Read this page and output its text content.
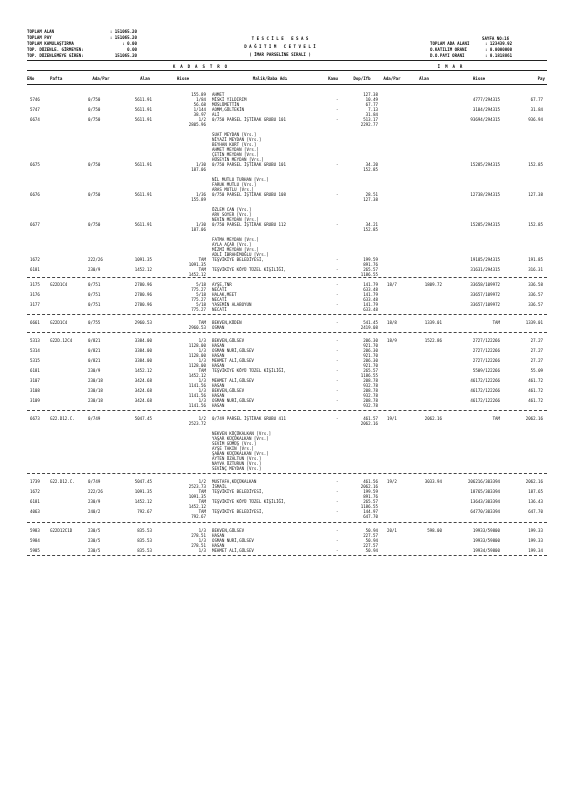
TOPLAM ALAN	: 151065.20
TOPLAM PAY	: 151065.20
TOPLAM KAMULAŞTIRMA	: 0.00
TOP. DÜZENLE. GİRMEYEN:	0.00
TOP. DÜZENLEMEYE GİREN:	151065.20
T E S C İ L E   E S A S
D A Ğ I T I M   C E T V E L İ
( İMAR PARSELİNE SIRALI )
SAYFA NO:16
TOPLAM ADA ALANI	: 123439.92
O.KATILIM ORANI	: 0.0000000
D.O.PAYI ORANI	: 0.1818861
K  A  D  A  S  T  R  O	İ  M  A  R
ENo	Pafta	Ada/Par	Alan	Hisse	Malik/Baba Adı	Kamu	Dop/Ifb	Ada/Par	Alan	Hisse	Pay
155.89 AHMET	127.38
5746	0/750	5611.91	1/84 MİSKİ YILDIRIM	-	10.49	4777/294315	67.77
56.68 MÜSLÜMETTİN	67.77
5747	0/750	5611.91	1/144 AOMM,GÜLTEKİN	-	7.13	3184/294315	31.84
38.97 ALİ	31.84
6674	0/750	5611.91	1/2 0/750 PARSEL İŞTİRAK GRUBU 101	-	513.17	93694/294315	936.94
2805.96	2292.77
SUAT MEYDAN [Vrs.]
NİYAZİ MEYDAN [Vrs.]
BEYHAN KURT [Vrs.]
AHMET MEYDAN [Vrs.]
ÇETİN MEYDAN [Vrs.]
HÜSEYİN MEYDAN [Vrs.]
6675	0/750	5611.91	1/30 0/750 PARSEL İŞTİRAK GRUBU 101	-	34.20	15285/294315	152.85
187.06	152.85
NİL MUTLU TURHAN [Vrs.]
FARUK MUTLU [Vrs.]
ARAS MUTLU [Vrs.]
6676	0/750	5611.91	1/36 0/750 PARSEL İŞTİRAK GRUBU 108	-	28.51	12738/294315	127.38
155.89	127.38
ÖZLEM CAN [Vrs.]
ARV SOYER [Vrs.]
NEVİN MEYDAN [Vrs.]
6677	0/750	5611.91	1/30 0/750 PARSEL İŞTİRAK GRUBU 112	-	34.21	15285/294315	152.85
187.06	152.85
FATMA MEYDAN [Vrs.]
AYLA AÇAR [Vrs.]
MİZMİ MEYDAN [Vrs.]
ADLİ İBRAHİMOĞLU [Vrs.]
1672	222/26	1091.35	TAM TEŞVİKİYE BELEDİYESİ,	-	199.59	19185/294315	191.85
1091.35	891.76
6181	230/9	1452.12	TAM TEŞVİKİYE KÖYÜ TÜZEL KİŞİLİĞİ,	-	265.57	31631/294315	316.31
1452.12	1186.55
3175	G22D1C4	0/751	2780.96	5/18 AYŞE,TNR	-	141.79 18/7	1809.72	33658/109972	336.58
775.27 NECATİ	633.48
3176	0/751	2780.96	5/18 HALAK,MEET	-	141.79	33657/109972	336.57
775.27 NECATİ	633.48
3177	0/751	2780.96	5/18 YASEMİN ALABOYUN	-	141.79	33657/109972	336.57
775.27 NECATİ	633.48
6661	G22D1C4	0/755	2960.53	TAM BEKVEN,KÜDEN	-	541.45 18/8	1339.01	TAM	1339.01
2960.53 OSMAN	2419.08
5313	G22D.12C4	0/821	3384.00	1/3 BEKVEN,GÜLSEV	-	206.30 18/9	1522.86	2727/122266	27.27
1128.00 HASAN	921.70
5314	0/821	3384.00	1/3 OSMAN NURİ,GÜLSEV	-	206.30	2727/122266	27.27
1128.00 HASAN	921.70
5315	0/821	3384.00	1/3 MEHMET ALİ,GÜLSEV	-	206.30	2727/122266	27.27
1128.00 HASAN	921.70
6181	230/9	1452.12	TAM TEŞVİKİYE KÖYÜ TÜZEL KİŞİLİĞİ,	-	265.57	5509/122266	55.09
1452.12	1186.55
3107	230/18	3424.68	1/3 MEHMET ALİ,GÜLSEV	-	208.78	46172/122266	461.72
1141.56 HASAN	932.78
3108	230/18	3424.68	1/3 BEKVEN,GÜLSEV	-	208.78	46172/122266	461.72
1141.56 HASAN	932.78
3109	230/18	3424.68	1/3 OSMAN NURİ,GÜLSEV	-	208.78	46172/122266	461.72
1141.56 HASAN	932.78
6673	G22.D12.C.	0/749	5047.45	1/2 0/749 PARSEL İŞTİRAK GRUBU 411	-	461.57 19/1	2062.16	TAM	2062.16
2523.72	2062.16
NEKVEN KÜÇÜKALKAN [Vrs.]
YAŞAR KÜÇÜKALKAN [Vrs.]
SEVİM GÜMÜŞ [Vrs.]
AYŞE TAKIN [Vrs.]
ŞABAN KÜÇÜKALKAN [Vrs.]
AYTEN ÖZALTUN [Vrs.]
NAYVA ÖZTURUN [Vrs.]
SEVİNÇ MEYDAN [Vrs.]
1739	G22.D12.C.	0/749	5047.45	1/2 MUSTAFA,KÜÇÜKALKAN	-	461.56 19/2	3033.94	206216/303394	2062.16
2523.73 İSMAİL	2062.16
1672	222/26	1091.35	TAM TEŞVİKİYE BELEDİYESİ,	-	199.59	18765/303394	187.65
1091.35	891.76
6181	230/9	1452.12	TAM TEŞVİKİYE KÖYÜ TÜZEL KİŞİLİĞİ,	-	265.57	13643/303394	136.43
1452.12	1186.55
4063	240/2	792.67	TAM TEŞVİKİYE BELEDİYESİ,	-	144.97	64770/303394	647.70
792.67	647.70
5983	G22D12C1D	230/5	835.53	1/3 BEKVEN,GÜLSEV	-	50.94 20/1	598.00	19933/59800	199.33
278.51 HASAN	227.57
5984	230/5	835.53	1/3 OSMAN NURİ,GÜLSEV	-	50.94	19933/59800	199.33
278.51 HASAN	227.57
5985	230/5	835.53	1/3 MEHMET ALİ,GÜLSEV	-	50.94	19934/59800	199.34
